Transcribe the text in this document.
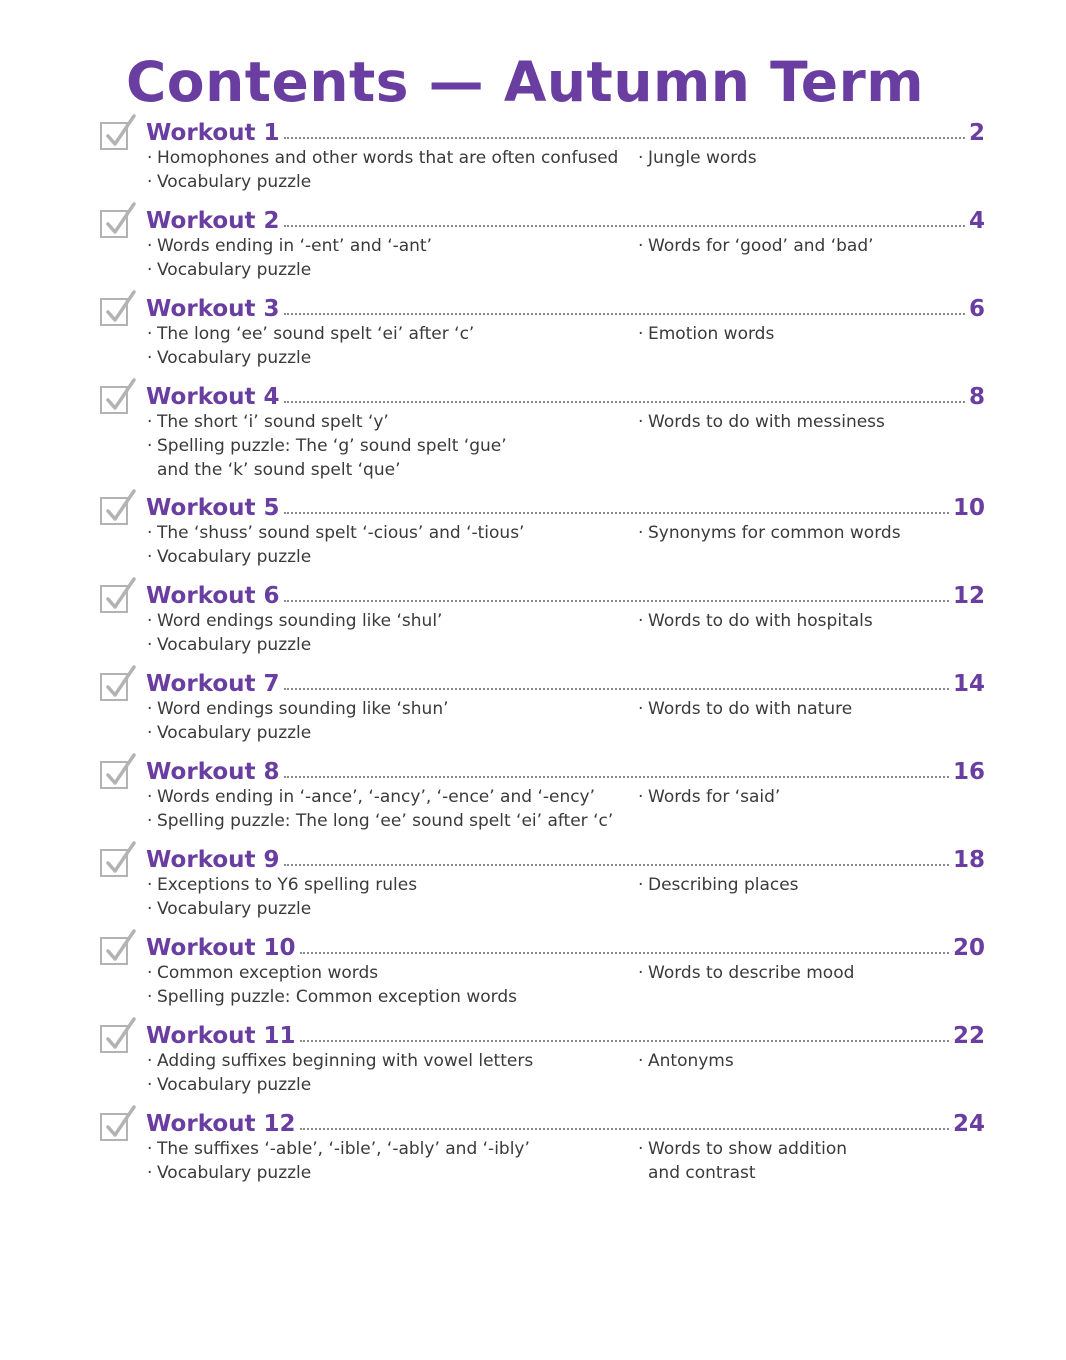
Contents — Autumn Term
Workout 1	2
· Homophones and other words that are often confused
· Vocabulary puzzle
· Jungle words
Workout 2	4
· Words ending in ‘-ent’ and ‘-ant’
· Vocabulary puzzle
· Words for ‘good’ and ‘bad’
Workout 3	6
· The long ‘ee’ sound spelt ‘ei’ after ‘c’
· Vocabulary puzzle
· Emotion words
Workout 4	8
· The short ‘i’ sound spelt ‘y’
· Spelling puzzle: The ‘g’ sound spelt ‘gue’
and the ‘k’ sound spelt ‘que’
· Words to do with messiness
Workout 5	10
· The ‘shuss’ sound spelt ‘-cious’ and ‘-tious’
· Vocabulary puzzle
· Synonyms for common words
Workout 6	12
· Word endings sounding like ‘shul’
· Vocabulary puzzle
· Words to do with hospitals
Workout 7	14
· Word endings sounding like ‘shun’
· Vocabulary puzzle
· Words to do with nature
Workout 8	16
· Words ending in ‘-ance’, ‘-ancy’, ‘-ence’ and ‘-ency’
· Spelling puzzle: The long ‘ee’ sound spelt ‘ei’ after ‘c’
· Words for ‘said’
Workout 9	18
· Exceptions to Y6 spelling rules
· Vocabulary puzzle
· Describing places
Workout 10	20
· Common exception words
· Spelling puzzle: Common exception words
· Words to describe mood
Workout 11	22
· Adding suffixes beginning with vowel letters
· Vocabulary puzzle
· Antonyms
Workout 12	24
· The suffixes ‘-able’, ‘-ible’, ‘-ably’ and ‘-ibly’
· Vocabulary puzzle
· Words to show addition
and contrast
